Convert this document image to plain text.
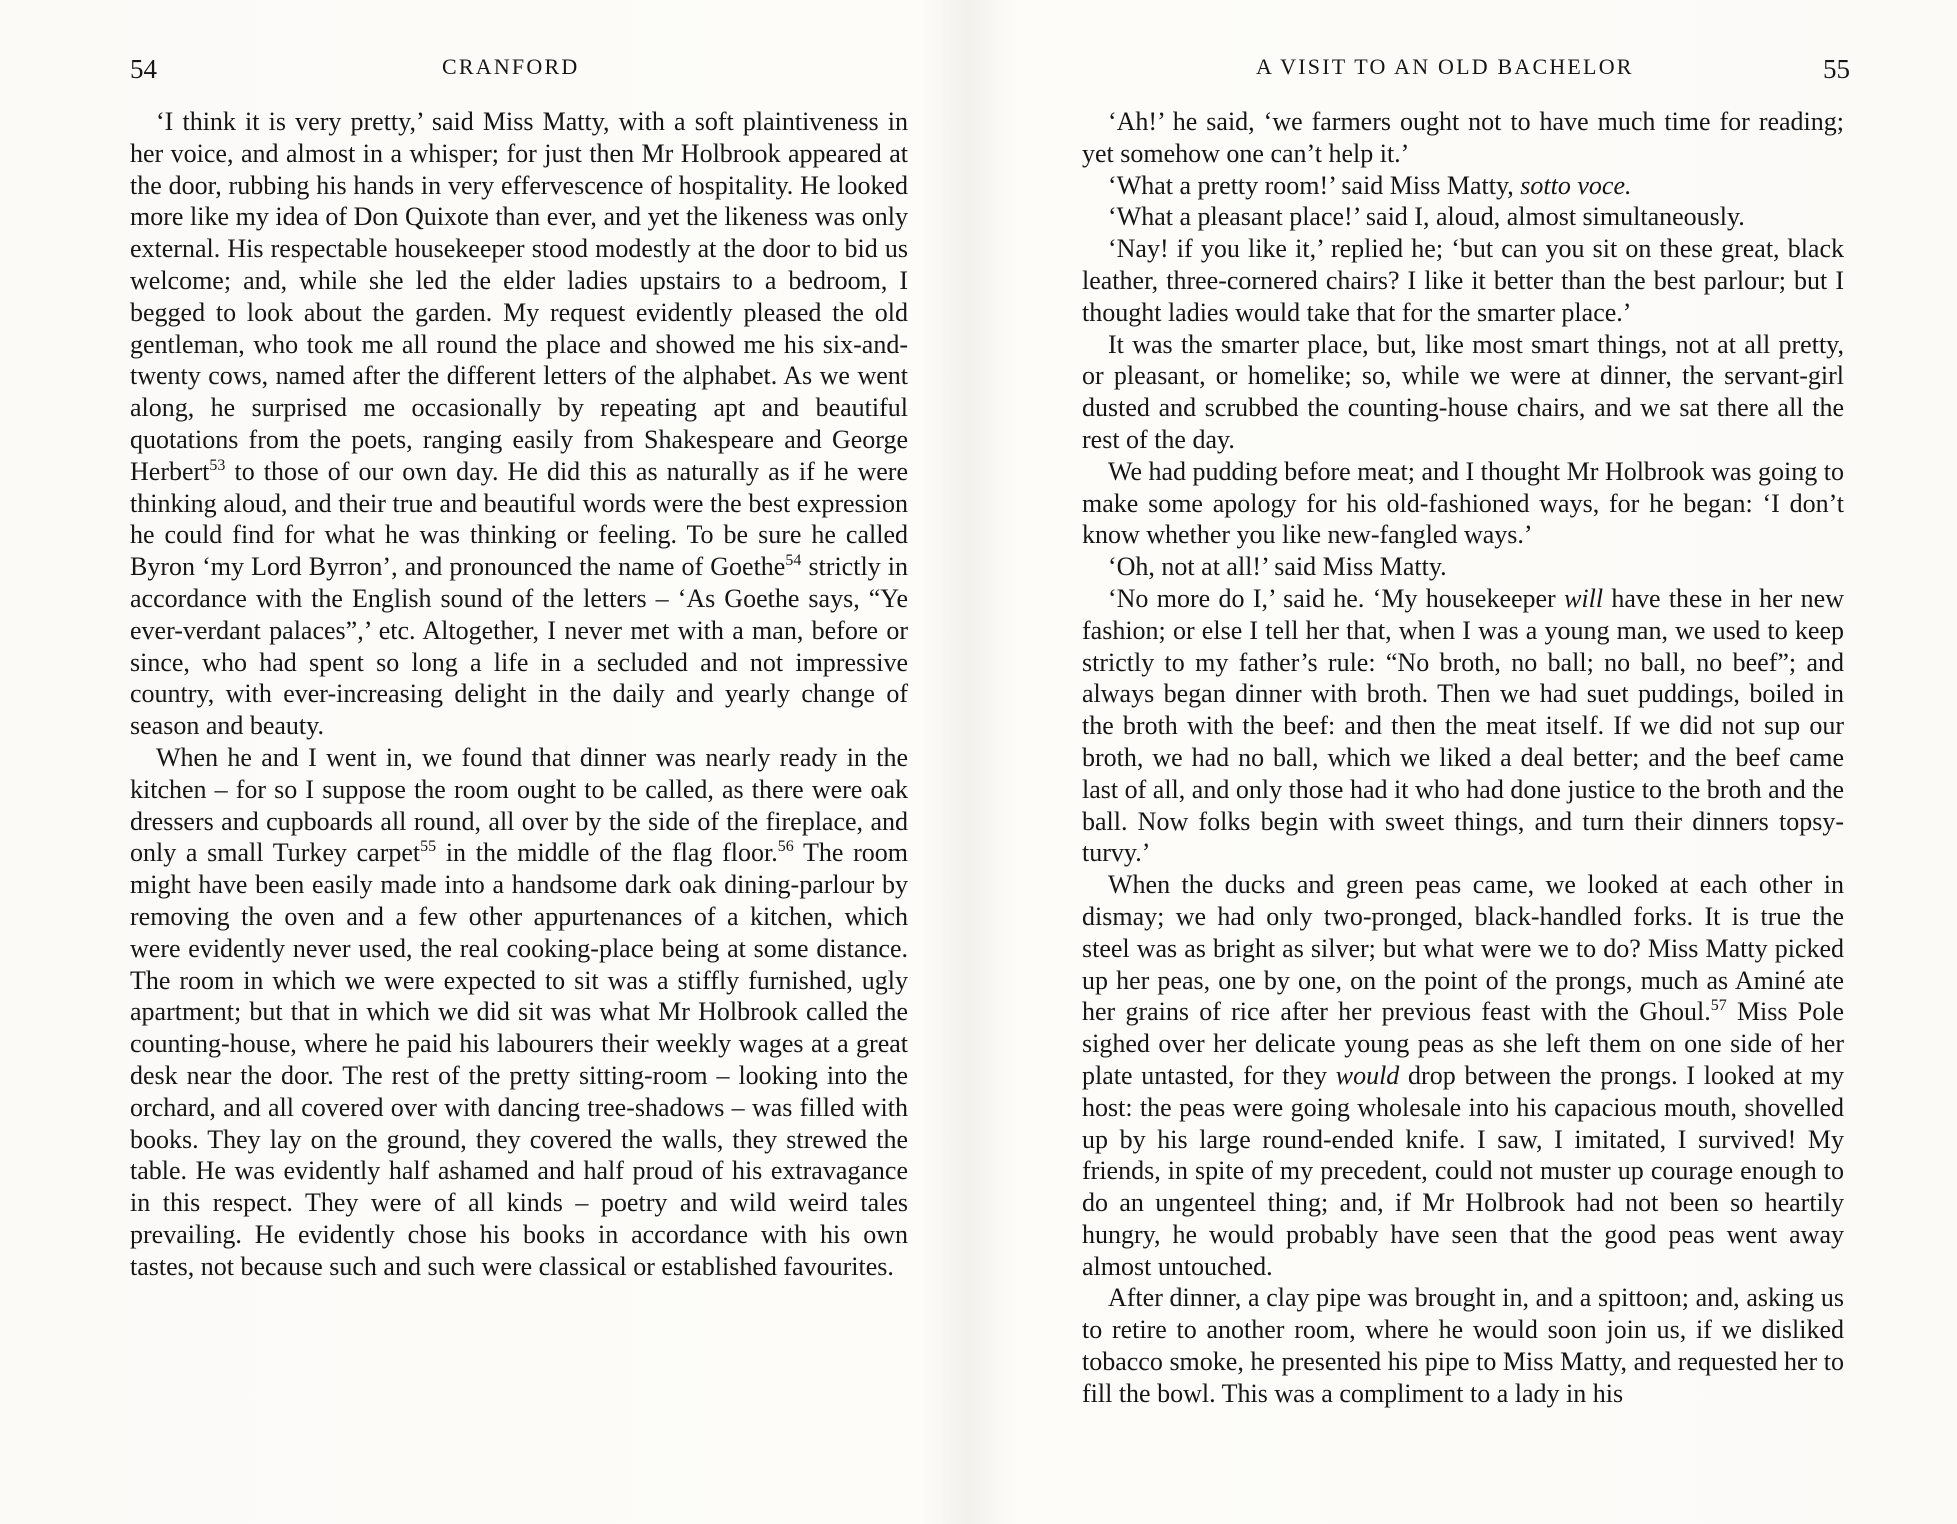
54	CRANFORD

‘I think it is very pretty,’ said Miss Matty, with a soft plaintiveness in her voice, and almost in a whisper; for just then Mr Holbrook appeared at the door, rubbing his hands in very effervescence of hospitality. He looked more like my idea of Don Quixote than ever, and yet the likeness was only external. His respectable housekeeper stood modestly at the door to bid us welcome; and, while she led the elder ladies upstairs to a bedroom, I begged to look about the garden. My request evidently pleased the old gentleman, who took me all round the place and showed me his six-and-twenty cows, named after the different letters of the alphabet. As we went along, he surprised me occasionally by repeating apt and beautiful quotations from the poets, ranging easily from Shakespeare and George Herbert$^{53}$ to those of our own day. He did this as naturally as if he were thinking aloud, and their true and beautiful words were the best expression he could find for what he was thinking or feeling. To be sure he called Byron ‘my Lord Byrron’, and pronounced the name of Goethe$^{54}$ strictly in accordance with the English sound of the letters – ‘As Goethe says, “Ye ever-verdant palaces”,’ etc. Altogether, I never met with a man, before or since, who had spent so long a life in a secluded and not impressive country, with ever-increasing delight in the daily and yearly change of season and beauty.

When he and I went in, we found that dinner was nearly ready in the kitchen – for so I suppose the room ought to be called, as there were oak dressers and cupboards all round, all over by the side of the fireplace, and only a small Turkey carpet$^{55}$ in the middle of the flag floor.$^{56}$ The room might have been easily made into a handsome dark oak dining-parlour by removing the oven and a few other appurtenances of a kitchen, which were evidently never used, the real cooking-place being at some distance. The room in which we were expected to sit was a stiffly furnished, ugly apartment; but that in which we did sit was what Mr Holbrook called the counting-house, where he paid his labourers their weekly wages at a great desk near the door. The rest of the pretty sitting-room – looking into the orchard, and all covered over with dancing tree-shadows – was filled with books. They lay on the ground, they covered the walls, they strewed the table. He was evidently half ashamed and half proud of his extravagance in this respect. They were of all kinds – poetry and wild weird tales prevailing. He evidently chose his books in accordance with his own tastes, not because such and such were classical or established favourites.

A VISIT TO AN OLD BACHELOR	55

‘Ah!’ he said, ‘we farmers ought not to have much time for reading; yet somehow one can’t help it.’

‘What a pretty room!’ said Miss Matty, sotto voce.

‘What a pleasant place!’ said I, aloud, almost simultaneously.

‘Nay! if you like it,’ replied he; ‘but can you sit on these great, black leather, three-cornered chairs? I like it better than the best parlour; but I thought ladies would take that for the smarter place.’

It was the smarter place, but, like most smart things, not at all pretty, or pleasant, or homelike; so, while we were at dinner, the servant-girl dusted and scrubbed the counting-house chairs, and we sat there all the rest of the day.

We had pudding before meat; and I thought Mr Holbrook was going to make some apology for his old-fashioned ways, for he began: ‘I don’t know whether you like new-fangled ways.’

‘Oh, not at all!’ said Miss Matty.

‘No more do I,’ said he. ‘My housekeeper will have these in her new fashion; or else I tell her that, when I was a young man, we used to keep strictly to my father’s rule: “No broth, no ball; no ball, no beef”; and always began dinner with broth. Then we had suet puddings, boiled in the broth with the beef: and then the meat itself. If we did not sup our broth, we had no ball, which we liked a deal better; and the beef came last of all, and only those had it who had done justice to the broth and the ball. Now folks begin with sweet things, and turn their dinners topsy-turvy.’

When the ducks and green peas came, we looked at each other in dismay; we had only two-pronged, black-handled forks. It is true the steel was as bright as silver; but what were we to do? Miss Matty picked up her peas, one by one, on the point of the prongs, much as Aminé ate her grains of rice after her previous feast with the Ghoul.$^{57}$ Miss Pole sighed over her delicate young peas as she left them on one side of her plate untasted, for they would drop between the prongs. I looked at my host: the peas were going wholesale into his capacious mouth, shovelled up by his large round-ended knife. I saw, I imitated, I survived! My friends, in spite of my precedent, could not muster up courage enough to do an ungenteel thing; and, if Mr Holbrook had not been so heartily hungry, he would probably have seen that the good peas went away almost untouched.

After dinner, a clay pipe was brought in, and a spittoon; and, asking us to retire to another room, where he would soon join us, if we disliked tobacco smoke, he presented his pipe to Miss Matty, and requested her to fill the bowl. This was a compliment to a lady in his
